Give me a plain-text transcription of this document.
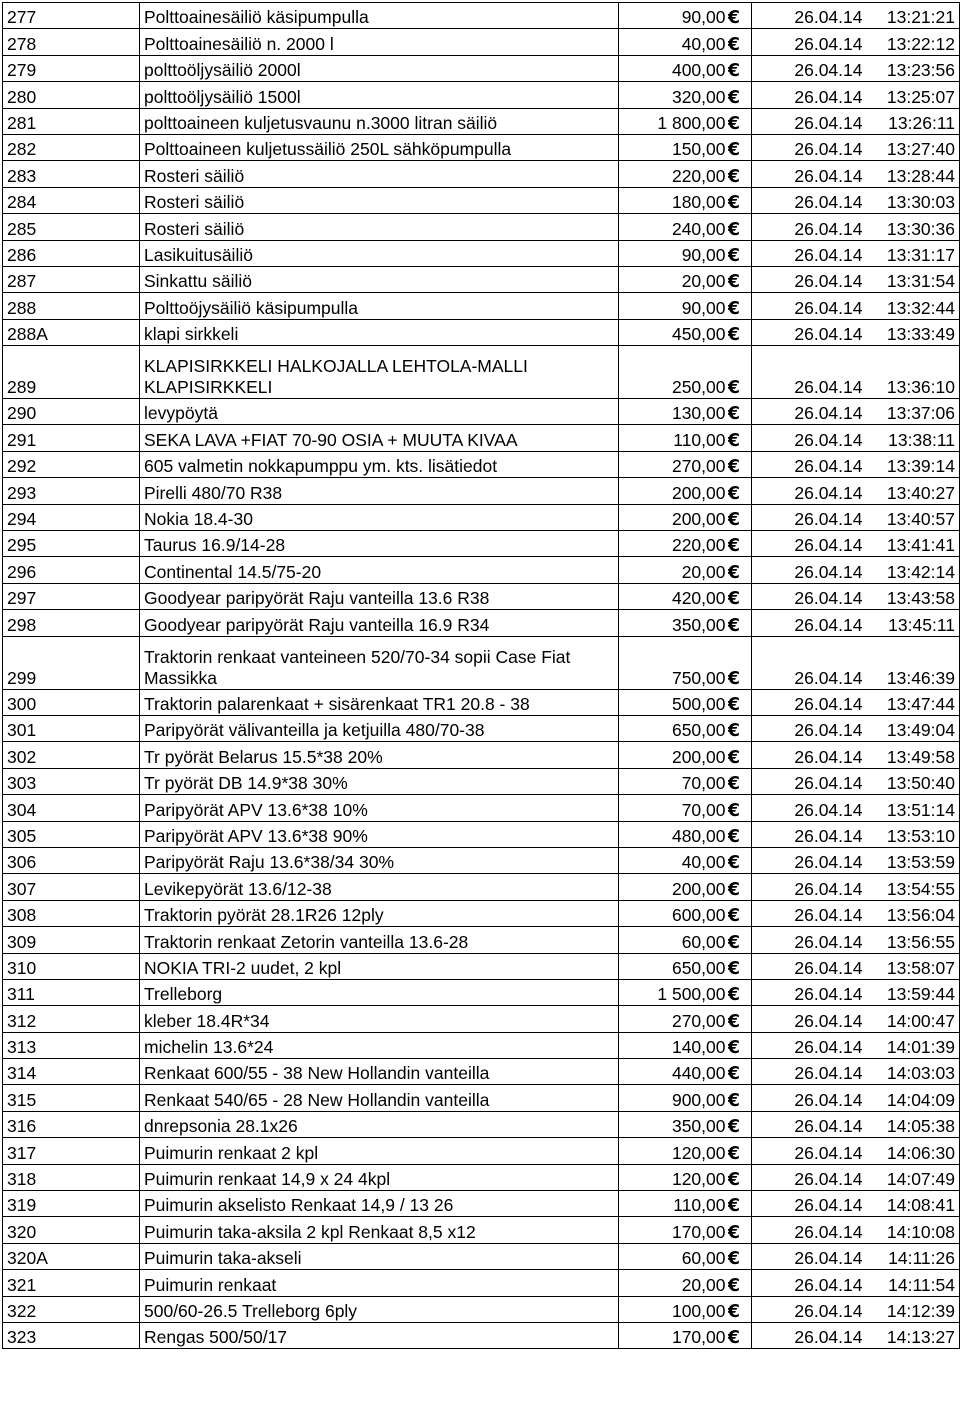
277	Polttoainesäiliö käsipumpulla	90,00	€	26.04.14	13:21:21
278	Polttoainesäiliö n. 2000 l	40,00	€	26.04.14	13:22:12
279	polttoöljysäiliö 2000l	400,00	€	26.04.14	13:23:56
280	polttoöljysäiliö 1500l	320,00	€	26.04.14	13:25:07
281	polttoaineen kuljetusvaunu n.3000 litran säiliö	1 800,00	€	26.04.14	13:26:11
282	Polttoaineen kuljetussäiliö 250L sähköpumpulla	150,00	€	26.04.14	13:27:40
283	Rosteri säiliö	220,00	€	26.04.14	13:28:44
284	Rosteri säiliö	180,00	€	26.04.14	13:30:03
285	Rosteri säiliö	240,00	€	26.04.14	13:30:36
286	Lasikuitusäiliö	90,00	€	26.04.14	13:31:17
287	Sinkattu säiliö	20,00	€	26.04.14	13:31:54
288	Polttoöjysäiliö käsipumpulla	90,00	€	26.04.14	13:32:44
288A	klapi sirkkeli	450,00	€	26.04.14	13:33:49
289	KLAPISIRKKELI HALKOJALLA LEHTOLA-MALLI KLAPISIRKKELI	250,00	€	26.04.14	13:36:10
290	levypöytä	130,00	€	26.04.14	13:37:06
291	SEKA LAVA +FIAT 70-90 OSIA + MUUTA KIVAA	110,00	€	26.04.14	13:38:11
292	605 valmetin nokkapumppu ym. kts. lisätiedot	270,00	€	26.04.14	13:39:14
293	Pirelli 480/70 R38	200,00	€	26.04.14	13:40:27
294	Nokia 18.4-30	200,00	€	26.04.14	13:40:57
295	Taurus 16.9/14-28	220,00	€	26.04.14	13:41:41
296	Continental 14.5/75-20	20,00	€	26.04.14	13:42:14
297	Goodyear paripyörät Raju vanteilla 13.6 R38	420,00	€	26.04.14	13:43:58
298	Goodyear paripyörät Raju vanteilla 16.9 R34	350,00	€	26.04.14	13:45:11
299	Traktorin renkaat vanteineen 520/70-34 sopii Case Fiat Massikka	750,00	€	26.04.14	13:46:39
300	Traktorin palarenkaat + sisärenkaat TR1 20.8 - 38	500,00	€	26.04.14	13:47:44
301	Paripyörät välivanteilla ja ketjuilla 480/70-38	650,00	€	26.04.14	13:49:04
302	Tr pyörät Belarus 15.5*38 20%	200,00	€	26.04.14	13:49:58
303	Tr pyörät DB 14.9*38 30%	70,00	€	26.04.14	13:50:40
304	Paripyörät APV 13.6*38 10%	70,00	€	26.04.14	13:51:14
305	Paripyörät APV 13.6*38 90%	480,00	€	26.04.14	13:53:10
306	Paripyörät Raju 13.6*38/34 30%	40,00	€	26.04.14	13:53:59
307	Levikepyörät 13.6/12-38	200,00	€	26.04.14	13:54:55
308	Traktorin pyörät 28.1R26 12ply	600,00	€	26.04.14	13:56:04
309	Traktorin renkaat Zetorin vanteilla 13.6-28	60,00	€	26.04.14	13:56:55
310	NOKIA TRI-2 uudet, 2 kpl	650,00	€	26.04.14	13:58:07
311	Trelleborg	1 500,00	€	26.04.14	13:59:44
312	kleber 18.4R*34	270,00	€	26.04.14	14:00:47
313	michelin 13.6*24	140,00	€	26.04.14	14:01:39
314	Renkaat 600/55 - 38 New Hollandin vanteilla	440,00	€	26.04.14	14:03:03
315	Renkaat 540/65 - 28 New Hollandin vanteilla	900,00	€	26.04.14	14:04:09
316	dnrepsonia 28.1x26	350,00	€	26.04.14	14:05:38
317	Puimurin renkaat 2 kpl	120,00	€	26.04.14	14:06:30
318	Puimurin renkaat 14,9 x 24 4kpl	120,00	€	26.04.14	14:07:49
319	Puimurin akselisto Renkaat 14,9 / 13 26	110,00	€	26.04.14	14:08:41
320	Puimurin taka-aksila 2 kpl Renkaat 8,5 x12	170,00	€	26.04.14	14:10:08
320A	Puimurin taka-akseli	60,00	€	26.04.14	14:11:26
321	Puimurin renkaat	20,00	€	26.04.14	14:11:54
322	500/60-26.5 Trelleborg 6ply	100,00	€	26.04.14	14:12:39
323	Rengas 500/50/17	170,00	€	26.04.14	14:13:27
